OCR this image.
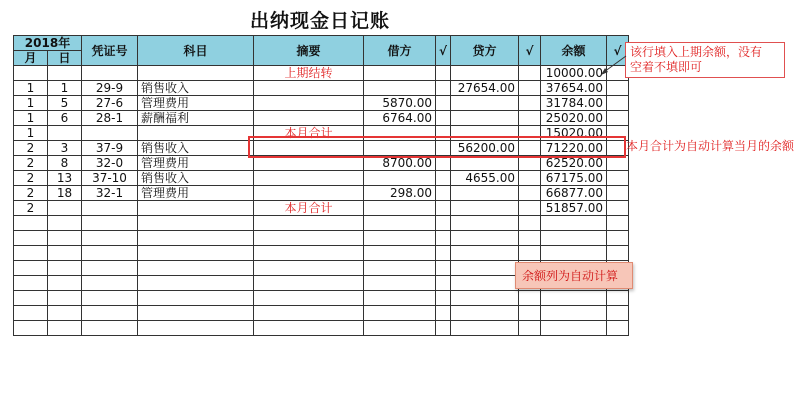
出纳现金日记账
2018年		凭证号	科目	摘要	借方	√	贷方	√	余额	√
月	日									
				上期结转					10000.00	
1	1	29-9	销售收入				27654.00		37654.00	
1	5	27-6	管理费用		5870.00				31784.00	
1	6	28-1	薪酬福利		6764.00				25020.00	
1				本月合计					15020.00	
2	3	37-9	销售收入				56200.00		71220.00	
2	8	32-0	管理费用		8700.00				62520.00	
2	13	37-10	销售收入				4655.00		67175.00	
2	18	32-1	管理费用		298.00				66877.00	
2				本月合计					51857.00	

该行填入上期余额，没有
空着不填即可
本月合计为自动计算当月的余额
余额列为自动计算
